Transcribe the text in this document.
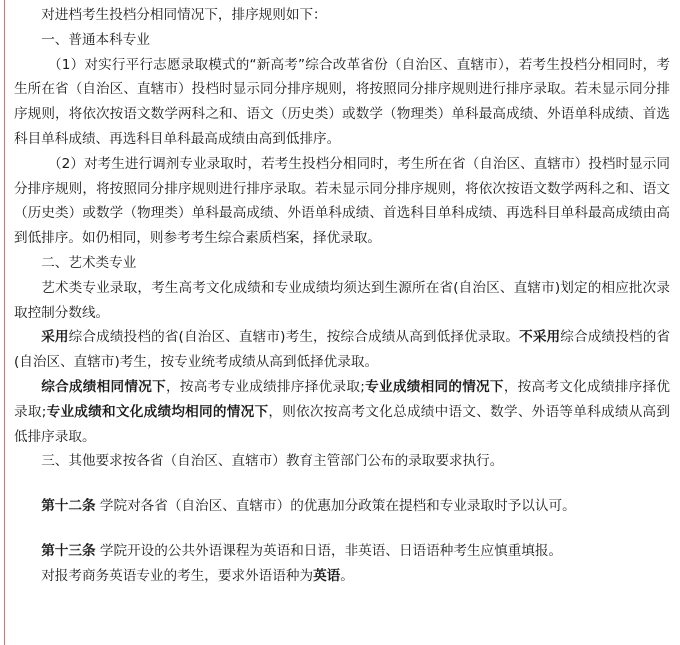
对进档考生投档分相同情况下，排序规则如下：

一、普通本科专业

（1）对实行平行志愿录取模式的“新高考”综合改革省份（自治区、直辖市），若考生投档分相同时，考生所在省（自治区、直辖市）投档时显示同分排序规则，将按照同分排序规则进行排序录取。若未显示同分排序规则，将依次按语文数学两科之和、语文（历史类）或数学（物理类）单科最高成绩、外语单科成绩、首选科目单科成绩、再选科目单科最高成绩由高到低排序。

（2）对考生进行调剂专业录取时，若考生投档分相同时，考生所在省（自治区、直辖市）投档时显示同分排序规则，将按照同分排序规则进行排序录取。若未显示同分排序规则，将依次按语文数学两科之和、语文（历史类）或数学（物理类）单科最高成绩、外语单科成绩、首选科目单科成绩、再选科目单科最高成绩由高到低排序。如仍相同，则参考考生综合素质档案，择优录取。

二、艺术类专业

艺术类专业录取，考生高考文化成绩和专业成绩均须达到生源所在省(自治区、直辖市)划定的相应批次录取控制分数线。

采用综合成绩投档的省(自治区、直辖市)考生，按综合成绩从高到低择优录取。不采用综合成绩投档的省(自治区、直辖市)考生，按专业统考成绩从高到低择优录取。

综合成绩相同情况下，按高考专业成绩排序择优录取;专业成绩相同的情况下，按高考文化成绩排序择优录取;专业成绩和文化成绩均相同的情况下，则依次按高考文化总成绩中语文、数学、外语等单科成绩从高到低排序录取。

三、其他要求按各省（自治区、直辖市）教育主管部门公布的录取要求执行。

第十二条 学院对各省（自治区、直辖市）的优惠加分政策在提档和专业录取时予以认可。

第十三条 学院开设的公共外语课程为英语和日语，非英语、日语语种考生应慎重填报。

对报考商务英语专业的考生，要求外语语种为英语。
